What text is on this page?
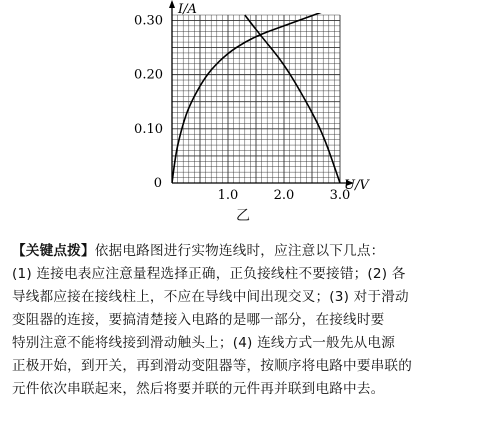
I/A
U/V
0
1.0	2.0	3.0
0.10
0.20
0.30
乙
【关键点拨】依据电路图进行实物连线时，应注意以下几点：
(1) 连接电表应注意量程选择正确，正负接线柱不要接错；(2) 各
导线都应接在接线柱上，不应在导线中间出现交叉；(3) 对于滑动
变阻器的连接，要搞清楚接入电路的是哪一部分，在接线时要
特别注意不能将线接到滑动触头上；(4) 连线方式一般先从电源
正极开始，到开关，再到滑动变阻器等，按顺序将电路中要串联的
元件依次串联起来，然后将要并联的元件再并联到电路中去。
